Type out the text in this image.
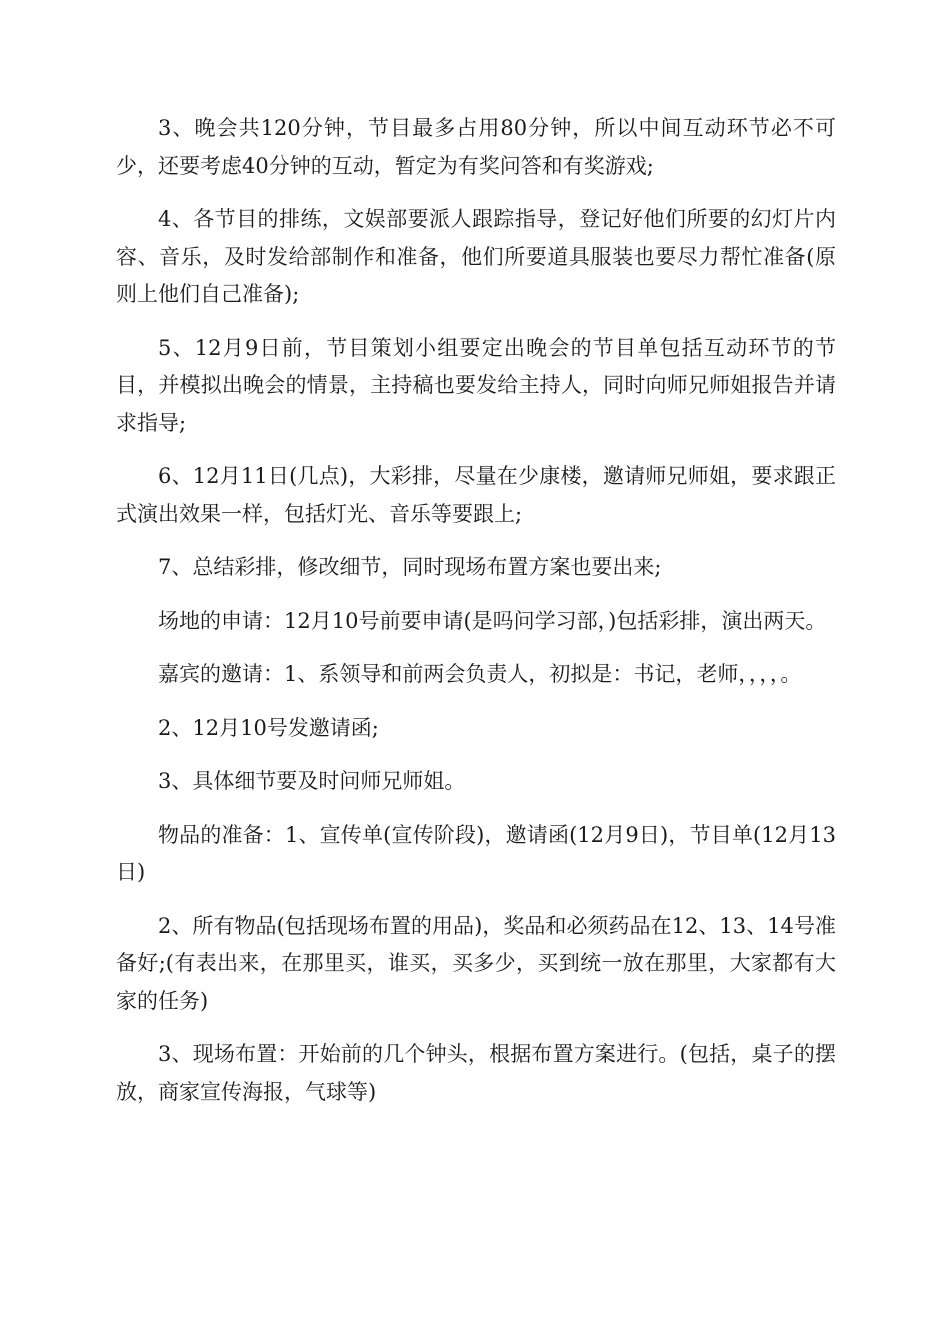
3、晚会共120分钟，节目最多占用80分钟，所以中间互动环节必不可少，还要考虑40分钟的互动，暂定为有奖问答和有奖游戏;

4、各节目的排练，文娱部要派人跟踪指导，登记好他们所要的幻灯片内容、音乐，及时发给部制作和准备，他们所要道具服装也要尽力帮忙准备(原则上他们自己准备);

5、12月9日前，节目策划小组要定出晚会的节目单包括互动环节的节目，并模拟出晚会的情景，主持稿也要发给主持人，同时向师兄师姐报告并请求指导;

6、12月11日(几点)，大彩排，尽量在少康楼，邀请师兄师姐，要求跟正式演出效果一样，包括灯光、音乐等要跟上;

7、总结彩排，修改细节，同时现场布置方案也要出来;

场地的申请：12月10号前要申请(是吗问学习部，)包括彩排，演出两天。

嘉宾的邀请：1、系领导和前两会负责人，初拟是：书记，老师，，，，。

2、12月10号发邀请函;

3、具体细节要及时问师兄师姐。

物品的准备：1、宣传单(宣传阶段)，邀请函(12月9日)，节目单(12月13日)

2、所有物品(包括现场布置的用品)，奖品和必须药品在12、13、14号准备好;(有表出来，在那里买，谁买，买多少，买到统一放在那里，大家都有大家的任务)

3、现场布置：开始前的几个钟头，根据布置方案进行。(包括，桌子的摆放，商家宣传海报，气球等)
